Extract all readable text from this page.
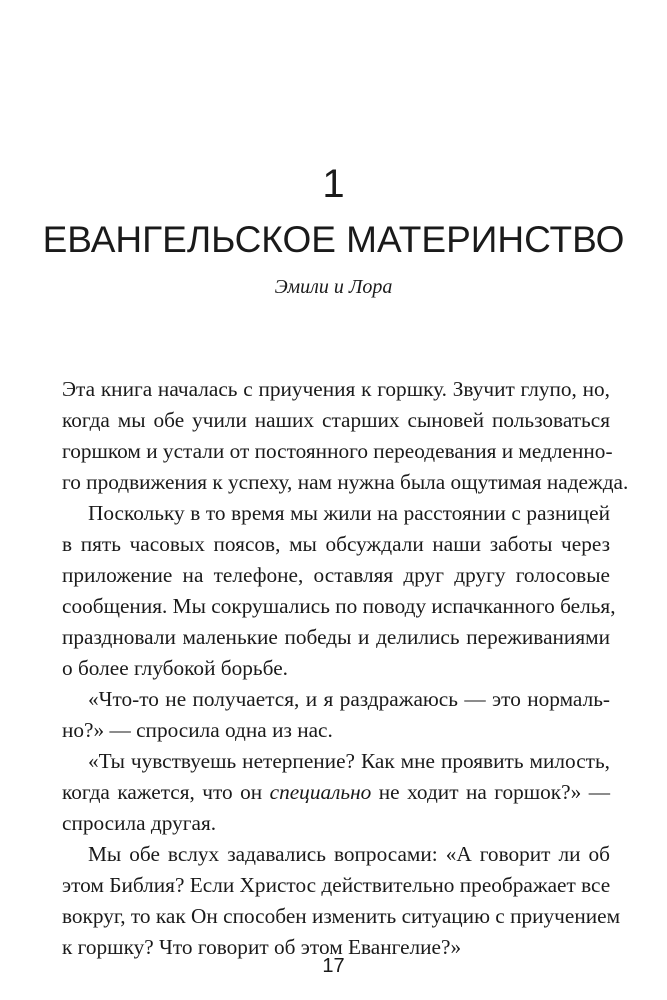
1
ЕВАНГЕЛЬСКОЕ МАТЕРИНСТВО
Эмили и Лора
Эта книга началась с приучения к горшку. Звучит глупо, но,
когда мы обе учили наших старших сыновей пользоваться
горшком и устали от постоянного переодевания и медленно-
го продвижения к успеху, нам нужна была ощутимая надежда.
Поскольку в то время мы жили на расстоянии с разницей
в пять часовых поясов, мы обсуждали наши заботы через
приложение на телефоне, оставляя друг другу голосовые
сообщения. Мы сокрушались по поводу испачканного белья,
праздновали маленькие победы и делились переживаниями
о более глубокой борьбе.
«Что-то не получается, и я раздражаюсь — это нормаль-
но?» — спросила одна из нас.
«Ты чувствуешь нетерпение? Как мне проявить милость,
когда кажется, что он специально не ходит на горшок?» —
спросила другая.
Мы обе вслух задавались вопросами: «А говорит ли об
этом Библия? Если Христос действительно преображает все
вокруг, то как Он способен изменить ситуацию с приучением
к горшку? Что говорит об этом Евангелие?»
17
